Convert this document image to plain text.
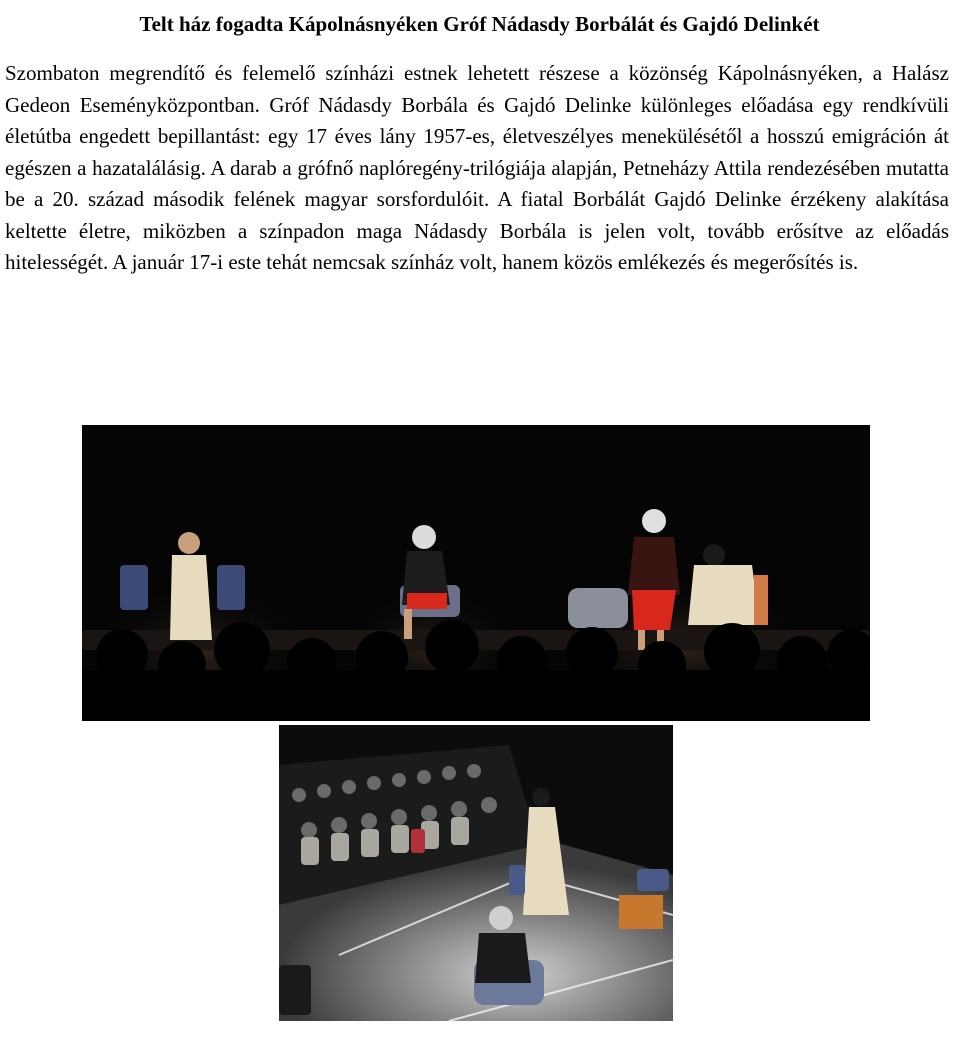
Telt ház fogadta Kápolnásnyéken Gróf Nádasdy Borbálát és Gajdó Delinkét

Szombaton megrendítő és felemelő színházi estnek lehetett részese a közönség Kápolnásnyéken, a Halász Gedeon Eseményközpontban. Gróf Nádasdy Borbála és Gajdó Delinke különleges előadása egy rendkívüli életútba engedett bepillantást: egy 17 éves lány 1957-es, életveszélyes menekülésétől a hosszú emigráción át egészen a hazatalálásig. A darab a grófnő naplóregény-trilógiája alapján, Petneházy Attila rendezésében mutatta be a 20. század második felének magyar sorsfordulóit. A fiatal Borbálát Gajdó Delinke érzékeny alakítása keltette életre, miközben a színpadon maga Nádasdy Borbála is jelen volt, tovább erősítve az előadás hitelességét. A január 17-i este tehát nemcsak színház volt, hanem közös emlékezés és megerősítés is.
